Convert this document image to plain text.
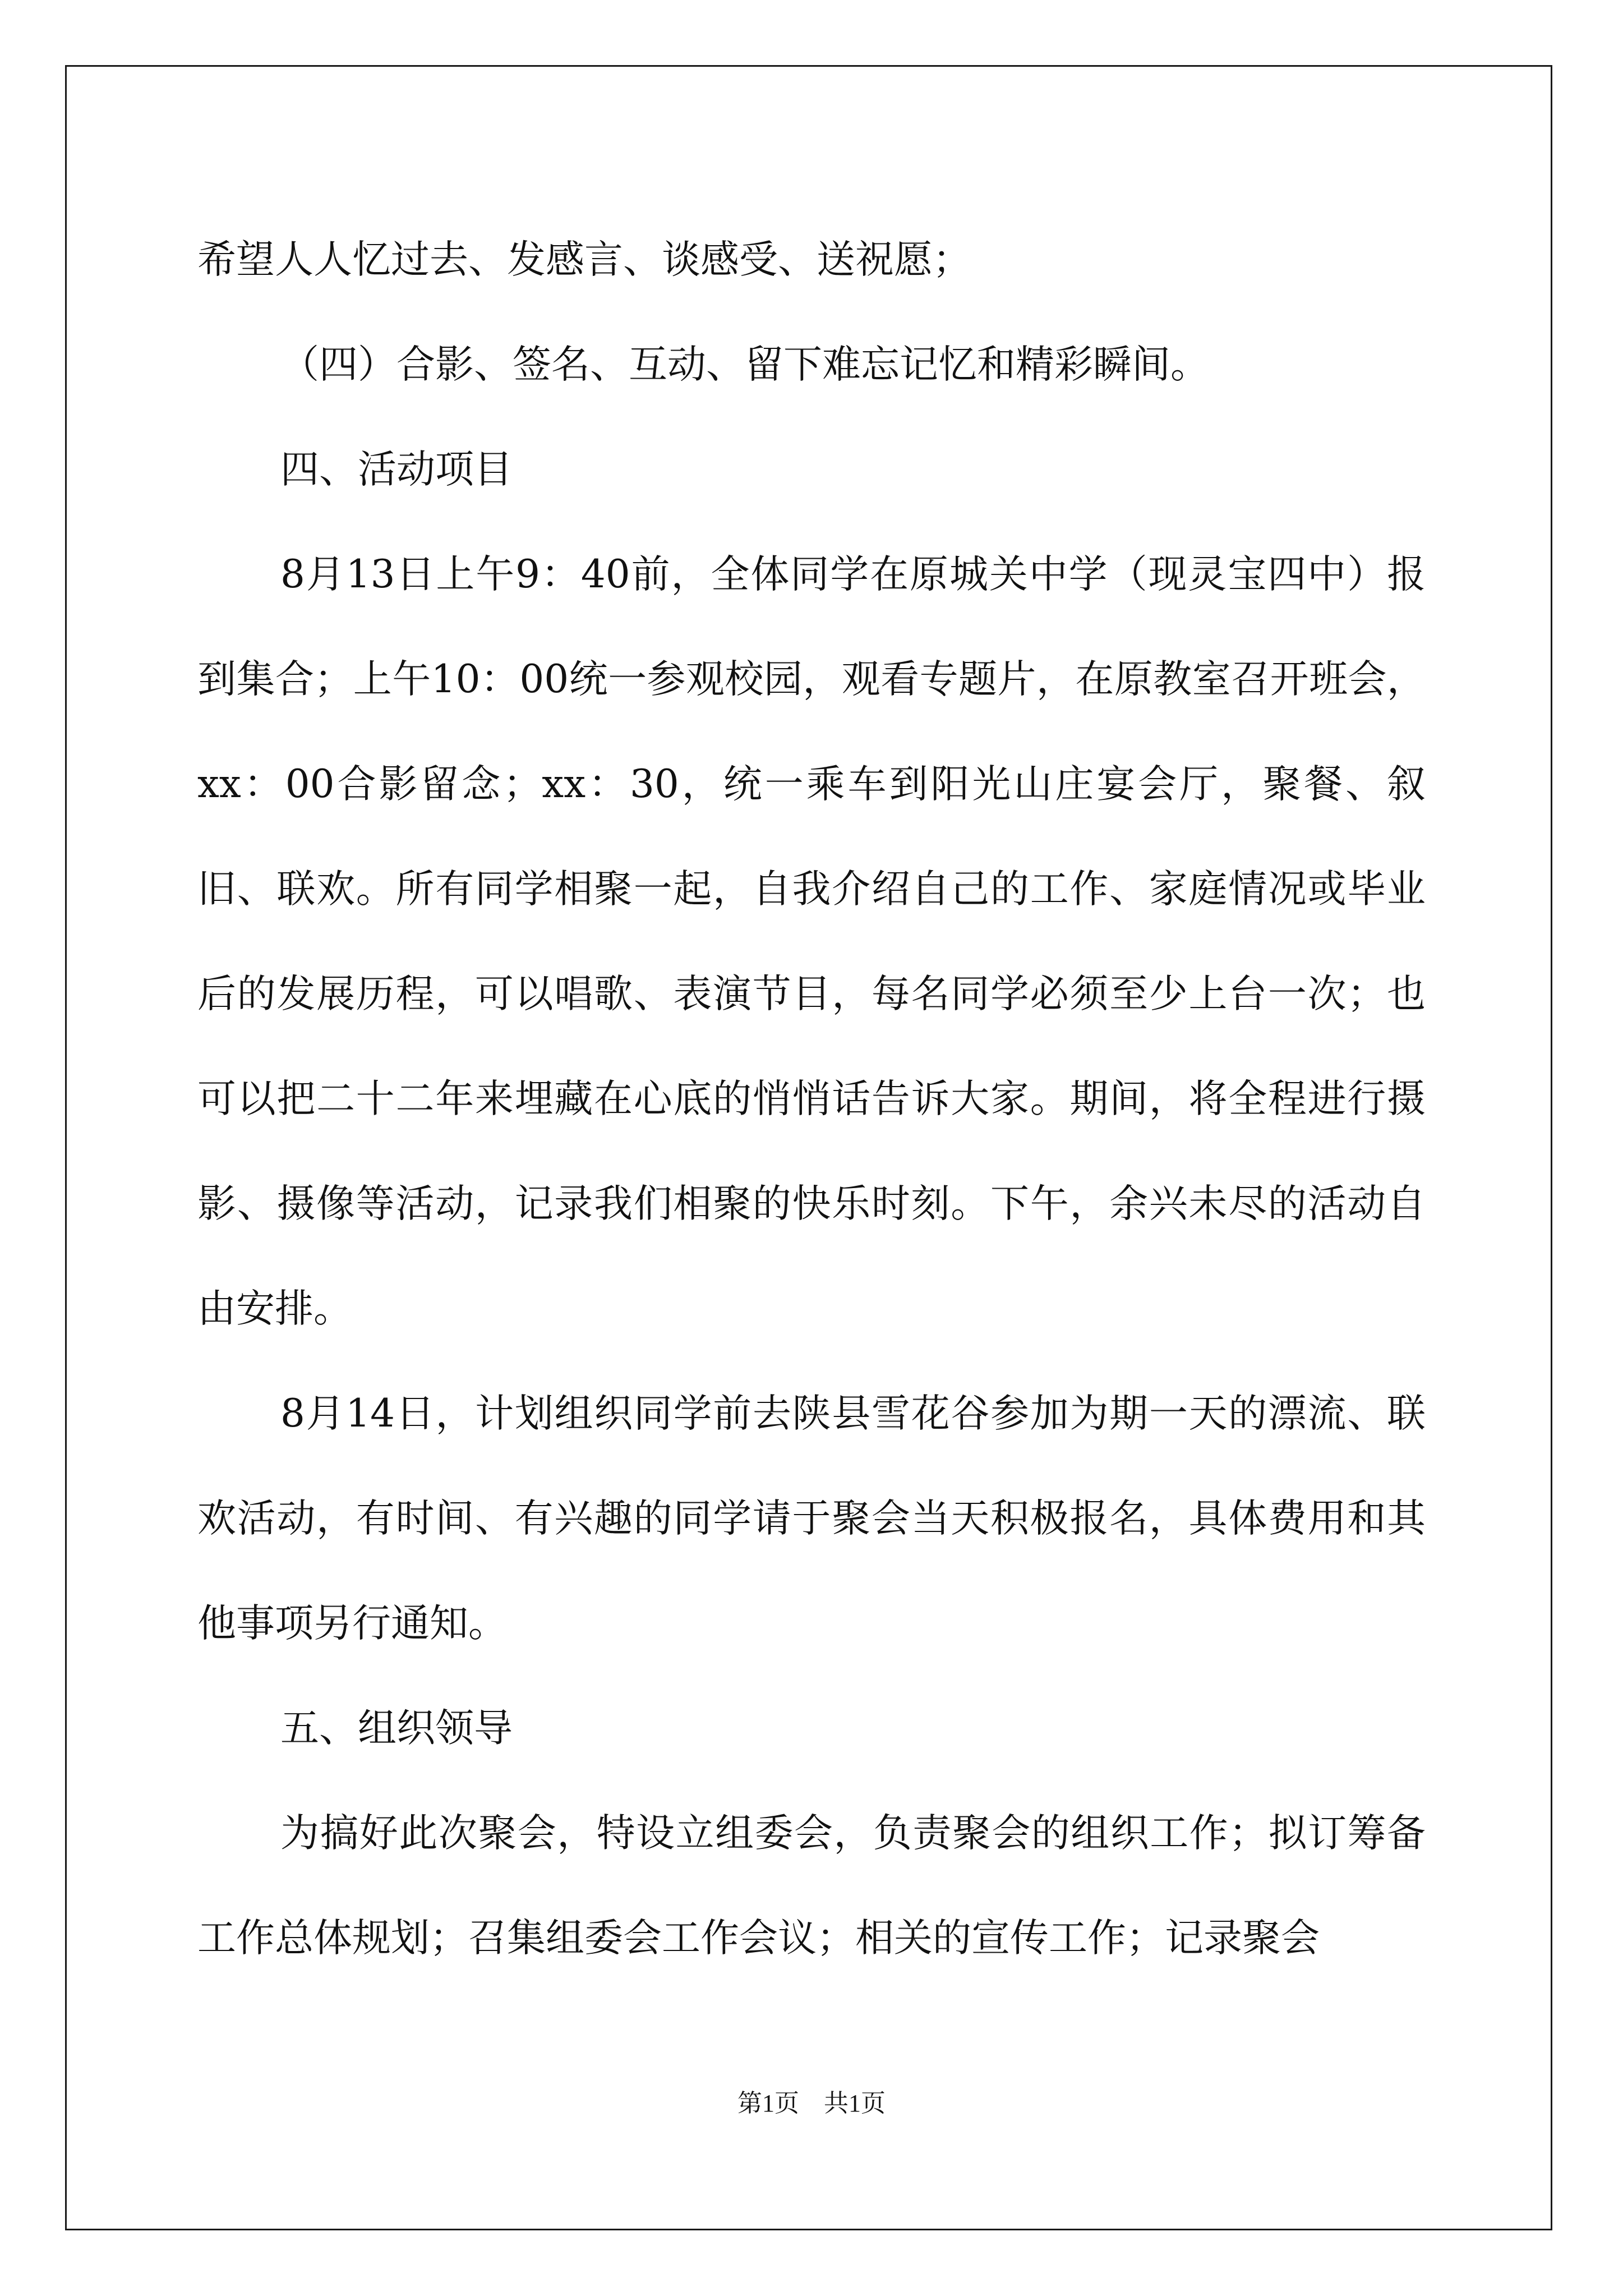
希望人人忆过去、发感言、谈感受、送祝愿；

（四）合影、签名、互动、留下难忘记忆和精彩瞬间。

四、活动项目

8月13日上午9：40前，全体同学在原城关中学（现灵宝四中）报到集合；上午10：00统一参观校园，观看专题片，在原教室召开班会，xx：00合影留念；xx：30，统一乘车到阳光山庄宴会厅，聚餐、叙旧、联欢。所有同学相聚一起，自我介绍自己的工作、家庭情况或毕业后的发展历程，可以唱歌、表演节目，每名同学必须至少上台一次；也可以把二十二年来埋藏在心底的悄悄话告诉大家。期间，将全程进行摄影、摄像等活动，记录我们相聚的快乐时刻。下午，余兴未尽的活动自由安排。

8月14日，计划组织同学前去陕县雪花谷参加为期一天的漂流、联欢活动，有时间、有兴趣的同学请于聚会当天积极报名，具体费用和其他事项另行通知。

五、组织领导

为搞好此次聚会，特设立组委会，负责聚会的组织工作；拟订筹备工作总体规划；召集组委会工作会议；相关的宣传工作；记录聚会

第1页　共1页
